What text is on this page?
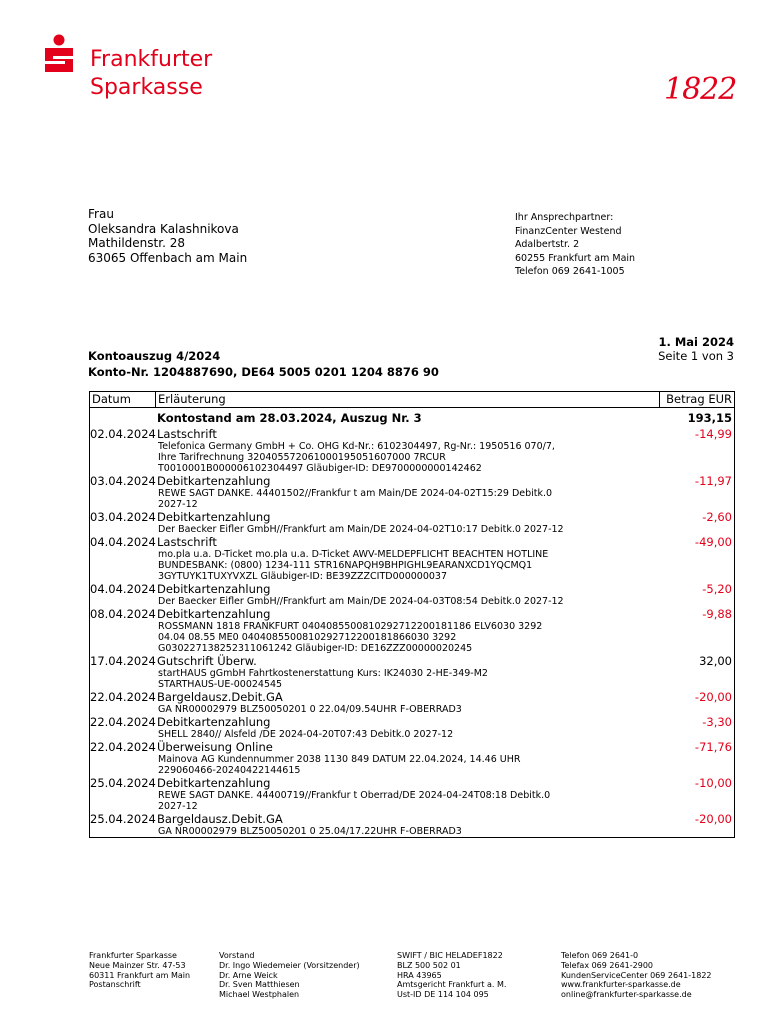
Frankfurter
Sparkasse	1822
Frau
Oleksandra Kalashnikova
Mathildenstr. 28
63065 Offenbach am Main
Ihr Ansprechpartner:
FinanzCenter Westend
Adalbertstr. 2
60255 Frankfurt am Main
Telefon 069 2641-1005
1. Mai 2024
Seite 1 von 3
Kontoauszug 4/2024
Konto-Nr. 1204887690, DE64 5005 0201 1204 8876 90
Datum	Erläuterung	Betrag EUR
Kontostand am 28.03.2024, Auszug Nr. 3	193,15
02.04.2024 Lastschrift
Telefonica Germany GmbH + Co. OHG Kd-Nr.: 6102304497, Rg-Nr.: 1950516 070/7,
Ihre Tarifrechnung 320405572061000195051607000 7RCUR
T0010001B000006102304497 Gläubiger-ID: DE9700000000142462
-14,99
03.04.2024 Debitkartenzahlung
REWE SAGT DANKE. 44401502//Frankfur t am Main/DE 2024-04-02T15:29 Debitk.0
2027-12
-11,97
03.04.2024 Debitkartenzahlung
Der Baecker Eifler GmbH//Frankfurt am Main/DE 2024-04-02T10:17 Debitk.0 2027-12
-2,60
04.04.2024 Lastschrift
mo.pla u.a. D-Ticket mo.pla u.a. D-Ticket AWV-MELDEPFLICHT BEACHTEN HOTLINE
BUNDESBANK: (0800) 1234-111 STR16NAPQH9BHPIGHL9EARANXCD1YQCMQ1
3GYTUYK1TUXYVXZL Gläubiger-ID: BE39ZZZCITD000000037
-49,00
04.04.2024 Debitkartenzahlung
Der Baecker Eifler GmbH//Frankfurt am Main/DE 2024-04-03T08:54 Debitk.0 2027-12
-5,20
08.04.2024 Debitkartenzahlung
ROSSMANN 1818 FRANKFURT 0404085500810292712200181186 ELV6030 3292
04.04 08.55 ME0 0404085500810292712200181866030 3292
G030227138252311061242 Gläubiger-ID: DE16ZZZ00000020245
-9,88
17.04.2024 Gutschrift Überw.
startHAUS gGmbH Fahrtkostenerstattung Kurs: IK24030 2-HE-349-M2
STARTHAUS-UE-00024545
32,00
22.04.2024 Bargeldausz.Debit.GA
GA NR00002979 BLZ50050201 0 22.04/09.54UHR F-OBERRAD3
-20,00
22.04.2024 Debitkartenzahlung
SHELL 2840// Alsfeld /DE 2024-04-20T07:43 Debitk.0 2027-12
-3,30
22.04.2024 Überweisung Online
Mainova AG Kundennummer 2038 1130 849 DATUM 22.04.2024, 14.46 UHR
229060466-20240422144615
-71,76
25.04.2024 Debitkartenzahlung
REWE SAGT DANKE. 44400719//Frankfur t Oberrad/DE 2024-04-24T08:18 Debitk.0
2027-12
-10,00
25.04.2024 Bargeldausz.Debit.GA
GA NR00002979 BLZ50050201 0 25.04/17.22UHR F-OBERRAD3
-20,00
Frankfurter Sparkasse
Neue Mainzer Str. 47-53
60311 Frankfurt am Main
Postanschrift
Vorstand
Dr. Ingo Wiedemeier (Vorsitzender)
Dr. Arne Weick
Dr. Sven Matthiesen
Michael Westphalen
SWIFT / BIC HELADEF1822
BLZ 500 502 01
HRA 43965
Amtsgericht Frankfurt a. M.
Ust-ID DE 114 104 095
Telefon 069 2641-0
Telefax 069 2641-2900
KundenServiceCenter 069 2641-1822
www.frankfurter-sparkasse.de
online@frankfurter-sparkasse.de
